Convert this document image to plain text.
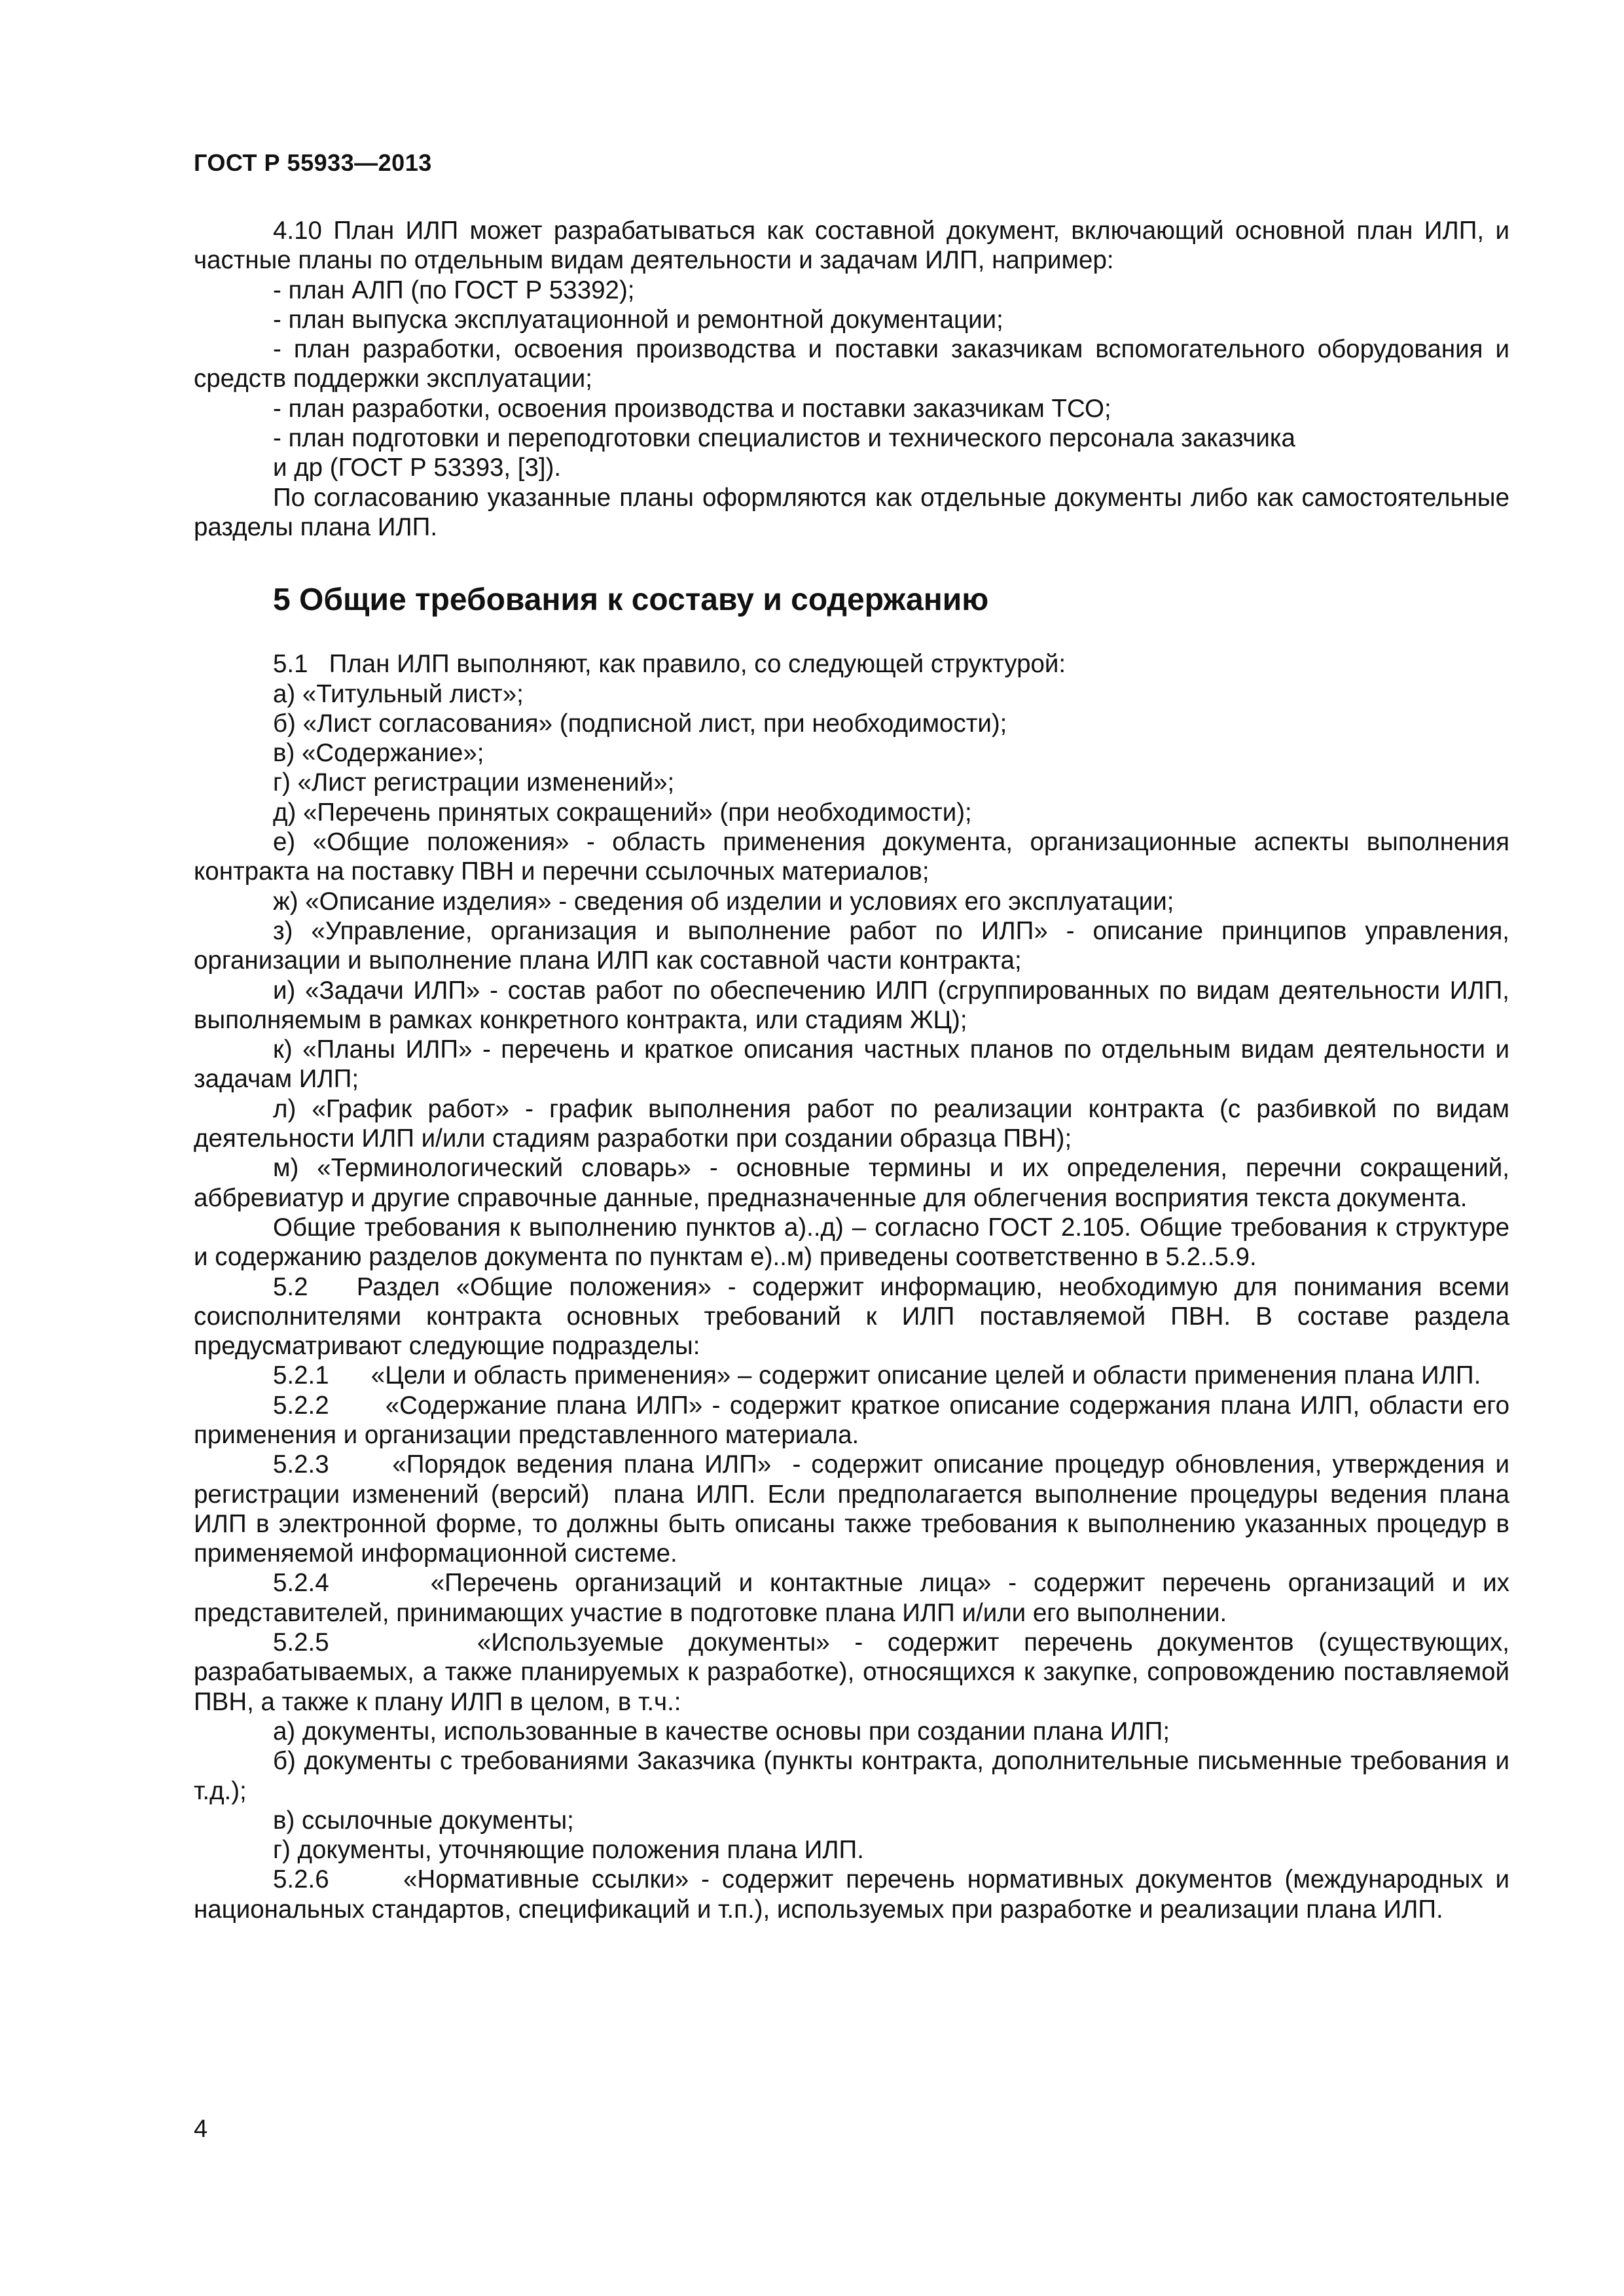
ГОСТ Р 55933—2013

4.10 План ИЛП может разрабатываться как составной документ, включающий основной план ИЛП, и частные планы по отдельным видам деятельности и задачам ИЛП, например:

- план АЛП (по ГОСТ Р 53392);

- план выпуска эксплуатационной и ремонтной документации;

- план разработки, освоения производства и поставки заказчикам вспомогательного оборудования и средств поддержки эксплуатации;

- план разработки, освоения производства и поставки заказчикам ТСО;

- план подготовки и переподготовки специалистов и технического персонала заказчика

и др (ГОСТ Р 53393, [3]).

По согласованию указанные планы оформляются как отдельные документы либо как самостоятельные разделы плана ИЛП.

5 Общие требования к составу и содержанию

5.1   План ИЛП выполняют, как правило, со следующей структурой:

а) «Титульный лист»;

б) «Лист согласования» (подписной лист, при необходимости);

в) «Содержание»;

г) «Лист регистрации изменений»;

д) «Перечень принятых сокращений» (при необходимости);

е) «Общие положения» - область применения документа, организационные аспекты выполнения контракта на поставку ПВН и перечни ссылочных материалов;

ж) «Описание изделия» - сведения об изделии и условиях его эксплуатации;

з) «Управление, организация и выполнение работ по ИЛП» - описание принципов управления, организации и выполнение плана ИЛП как составной части контракта;

и) «Задачи ИЛП» - состав работ по обеспечению ИЛП (сгруппированных по видам деятельности ИЛП, выполняемым в рамках конкретного контракта, или стадиям ЖЦ);

к) «Планы ИЛП» - перечень и краткое описания частных планов по отдельным видам деятельности и задачам ИЛП;

л) «График работ» - график выполнения работ по реализации контракта (с разбивкой по видам деятельности ИЛП и/или стадиям разработки при создании образца ПВН);

м) «Терминологический словарь» - основные термины и их определения, перечни сокращений, аббревиатур и другие справочные данные, предназначенные для облегчения восприятия текста документа.

Общие требования к выполнению пунктов а)..д) – согласно ГОСТ 2.105. Общие требования к структуре и содержанию разделов документа по пунктам е)..м) приведены соответственно в 5.2..5.9.

5.2   Раздел «Общие положения» - содержит информацию, необходимую для понимания всеми соисполнителями контракта основных требований к ИЛП поставляемой ПВН. В составе раздела предусматривают следующие подразделы:

5.2.1      «Цели и область применения» – содержит описание целей и области применения плана ИЛП.

5.2.2      «Содержание плана ИЛП» - содержит краткое описание содержания плана ИЛП, области его применения и организации представленного материала.

5.2.3      «Порядок ведения плана ИЛП»  - содержит описание процедур обновления, утверждения и регистрации изменений (версий)  плана ИЛП. Если предполагается выполнение процедуры ведения плана ИЛП в электронной форме, то должны быть описаны также требования к выполнению указанных процедур в применяемой информационной системе.

5.2.4      «Перечень организаций и контактные лица» - содержит перечень организаций и их представителей, принимающих участие в подготовке плана ИЛП и/или его выполнении.

5.2.5      «Используемые документы» - содержит перечень документов (существующих, разрабатываемых, а также планируемых к разработке), относящихся к закупке, сопровождению поставляемой ПВН, а также к плану ИЛП в целом, в т.ч.:

а) документы, использованные в качестве основы при создании плана ИЛП;

б) документы с требованиями Заказчика (пункты контракта, дополнительные письменные требования и т.д.);

в) ссылочные документы;

г) документы, уточняющие положения плана ИЛП.

5.2.6      «Нормативные ссылки» - содержит перечень нормативных документов (международных и национальных стандартов, спецификаций и т.п.), используемых при разработке и реализации плана ИЛП.

4
